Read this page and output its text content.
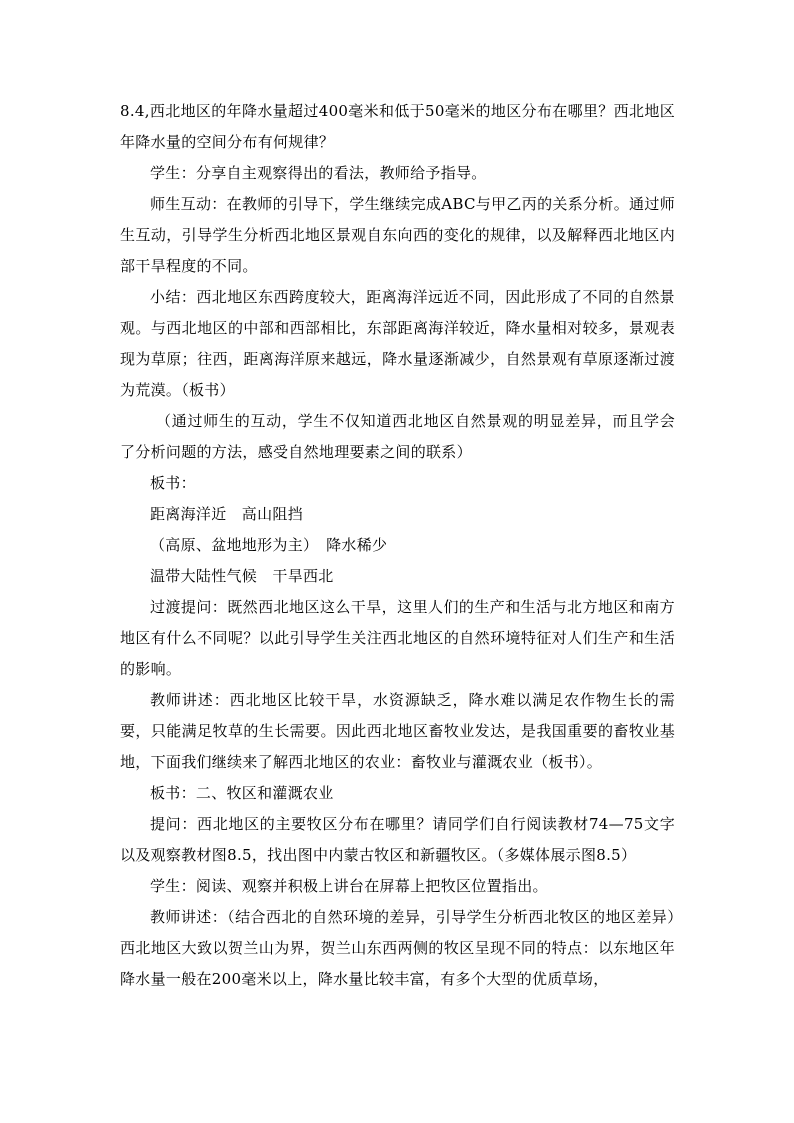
8.4,西北地区的年降水量超过400毫米和低于50毫米的地区分布在哪里？西北地区年降水量的空间分布有何规律？

学生：分享自主观察得出的看法，教师给予指导。

师生互动：在教师的引导下，学生继续完成ABC与甲乙丙的关系分析。通过师生互动，引导学生分析西北地区景观自东向西的变化的规律，以及解释西北地区内部干旱程度的不同。

小结：西北地区东西跨度较大，距离海洋远近不同，因此形成了不同的自然景观。与西北地区的中部和西部相比，东部距离海洋较近，降水量相对较多，景观表现为草原；往西，距离海洋原来越远，降水量逐渐减少，自然景观有草原逐渐过渡为荒漠。（板书）

（通过师生的互动，学生不仅知道西北地区自然景观的明显差异，而且学会了分析问题的方法，感受自然地理要素之间的联系）

板书：

距离海洋近　高山阻挡

（高原、盆地地形为主）　降水稀少

温带大陆性气候　干旱西北

过渡提问：既然西北地区这么干旱，这里人们的生产和生活与北方地区和南方地区有什么不同呢？以此引导学生关注西北地区的自然环境特征对人们生产和生活的影响。

教师讲述：西北地区比较干旱，水资源缺乏，降水难以满足农作物生长的需要，只能满足牧草的生长需要。因此西北地区畜牧业发达，是我国重要的畜牧业基地，下面我们继续来了解西北地区的农业：畜牧业与灌溉农业（板书）。

板书：二、牧区和灌溉农业

提问：西北地区的主要牧区分布在哪里？请同学们自行阅读教材74—75文字以及观察教材图8.5，找出图中内蒙古牧区和新疆牧区。（多媒体展示图8.5）

学生：阅读、观察并积极上讲台在屏幕上把牧区位置指出。

教师讲述：（结合西北的自然环境的差异，引导学生分析西北牧区的地区差异）西北地区大致以贺兰山为界，贺兰山东西两侧的牧区呈现不同的特点：以东地区年降水量一般在200毫米以上，降水量比较丰富，有多个大型的优质草场，
